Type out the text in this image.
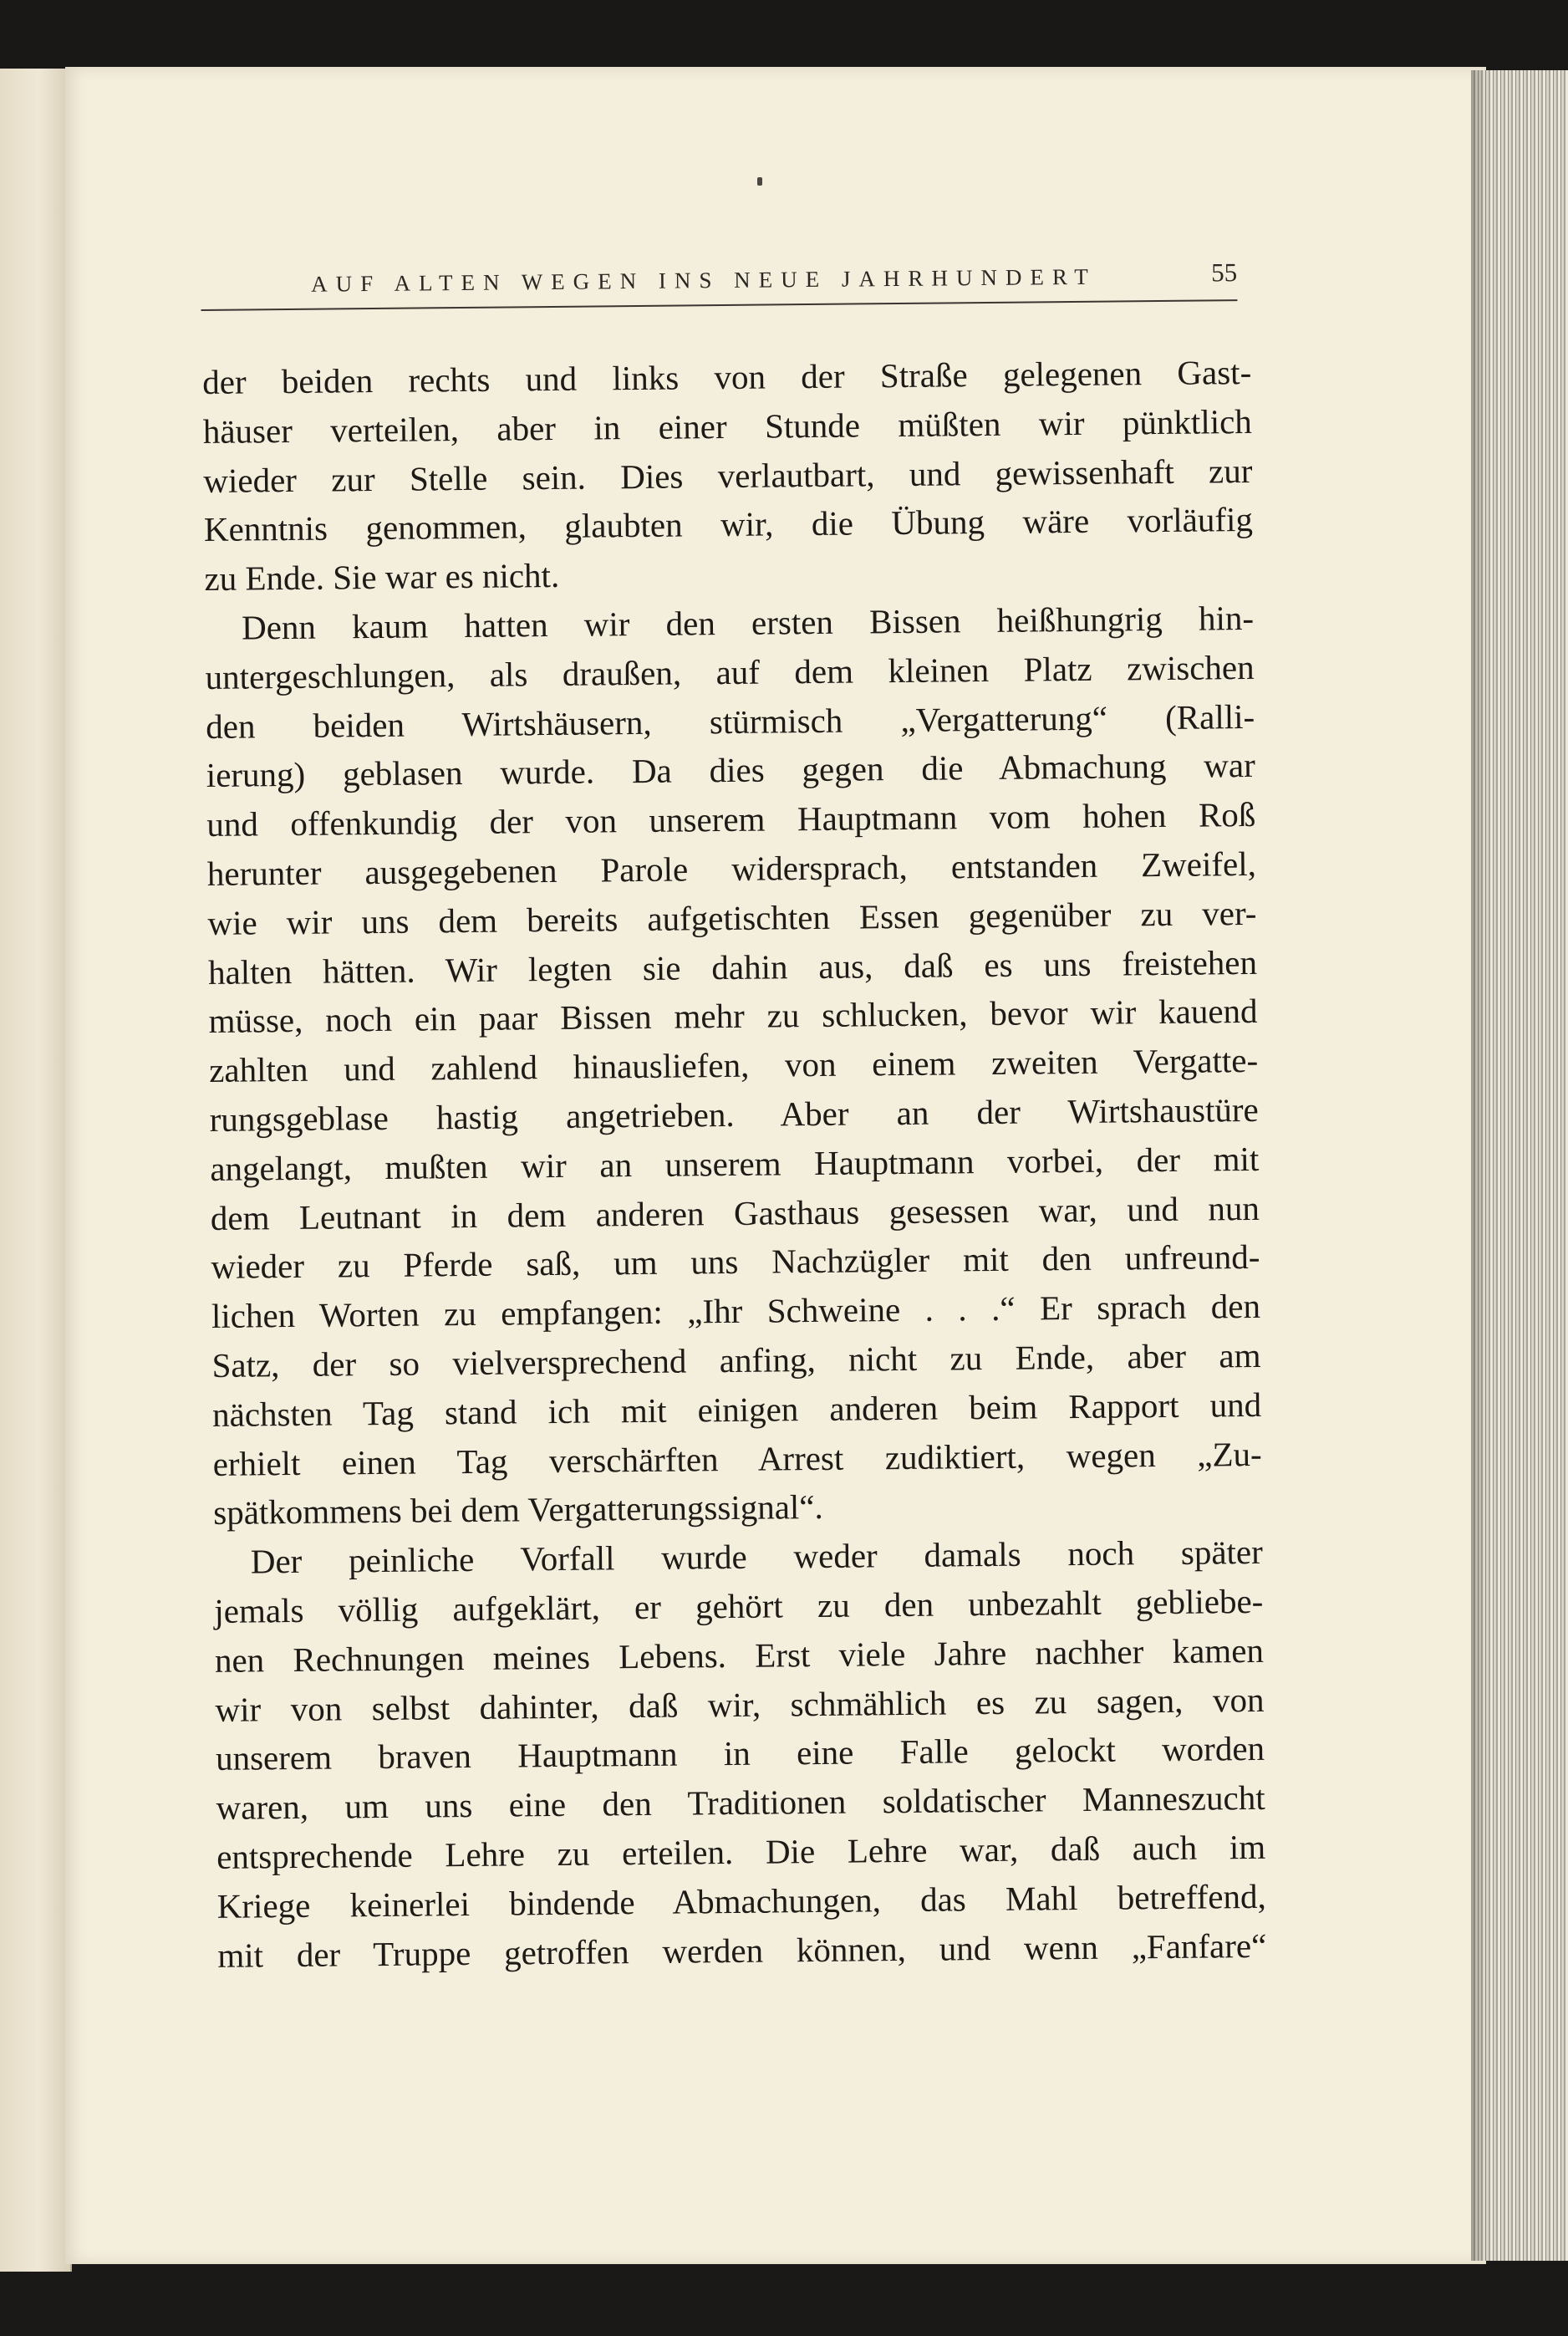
AUF ALTEN WEGEN INS NEUE JAHRHUNDERT	55
der beiden rechts und links von der Straße gelegenen Gast-
häuser verteilen, aber in einer Stunde müßten wir pünktlich
wieder zur Stelle sein. Dies verlautbart, und gewissenhaft zur
Kenntnis genommen, glaubten wir, die Übung wäre vorläufig
zu Ende. Sie war es nicht.
Denn kaum hatten wir den ersten Bissen heißhungrig hin-
untergeschlungen, als draußen, auf dem kleinen Platz zwischen
den beiden Wirtshäusern, stürmisch „Vergatterung“ (Ralli-
ierung) geblasen wurde. Da dies gegen die Abmachung war
und offenkundig der von unserem Hauptmann vom hohen Roß
herunter ausgegebenen Parole widersprach, entstanden Zweifel,
wie wir uns dem bereits aufgetischten Essen gegenüber zu ver-
halten hätten. Wir legten sie dahin aus, daß es uns freistehen
müsse, noch ein paar Bissen mehr zu schlucken, bevor wir kauend
zahlten und zahlend hinausliefen, von einem zweiten Vergatte-
rungsgeblase hastig angetrieben. Aber an der Wirtshaustüre
angelangt, mußten wir an unserem Hauptmann vorbei, der mit
dem Leutnant in dem anderen Gasthaus gesessen war, und nun
wieder zu Pferde saß, um uns Nachzügler mit den unfreund-
lichen Worten zu empfangen: „Ihr Schweine . . .“ Er sprach den
Satz, der so vielversprechend anfing, nicht zu Ende, aber am
nächsten Tag stand ich mit einigen anderen beim Rapport und
erhielt einen Tag verschärften Arrest zudiktiert, wegen „Zu-
spätkommens bei dem Vergatterungssignal“.
Der peinliche Vorfall wurde weder damals noch später
jemals völlig aufgeklärt, er gehört zu den unbezahlt gebliebe-
nen Rechnungen meines Lebens. Erst viele Jahre nachher kamen
wir von selbst dahinter, daß wir, schmählich es zu sagen, von
unserem braven Hauptmann in eine Falle gelockt worden
waren, um uns eine den Traditionen soldatischer Manneszucht
entsprechende Lehre zu erteilen. Die Lehre war, daß auch im
Kriege keinerlei bindende Abmachungen, das Mahl betreffend,
mit der Truppe getroffen werden können, und wenn „Fanfare“
